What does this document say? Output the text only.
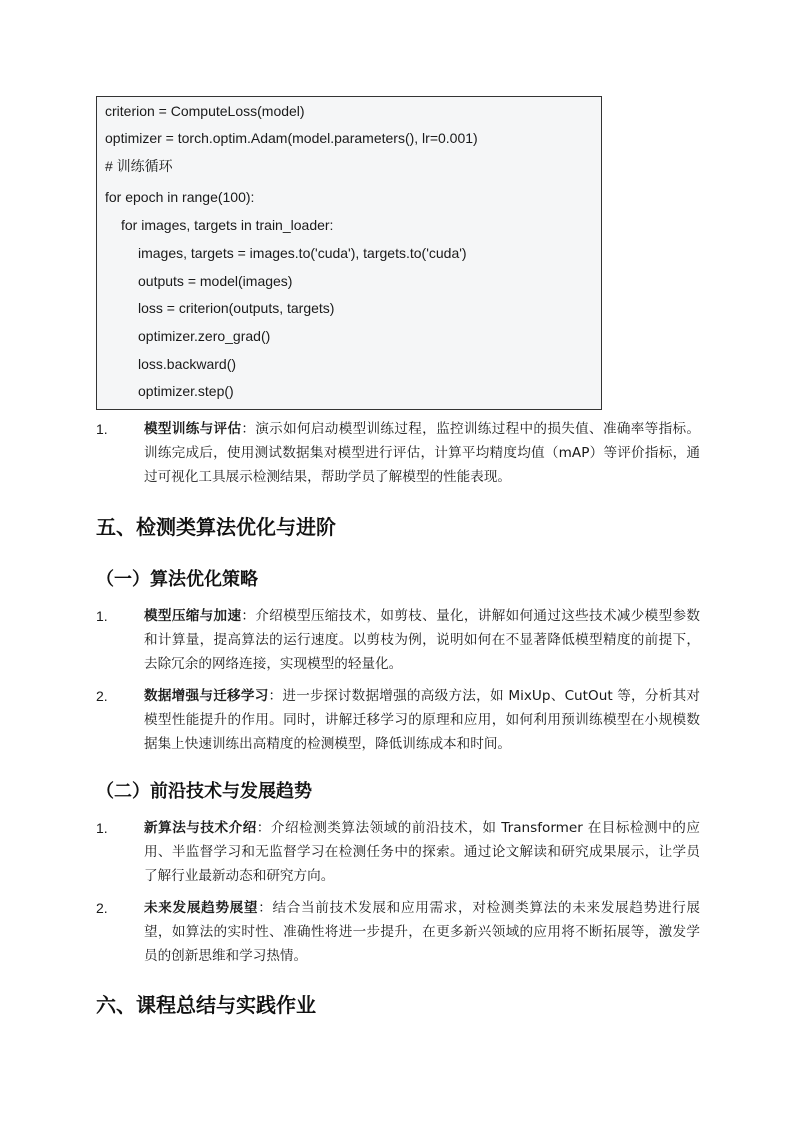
criterion = ComputeLoss(model)
optimizer = torch.optim.Adam(model.parameters(), lr=0.001)
# 训练循环
for epoch in range(100):
for images, targets in train_loader:
images, targets = images.to('cuda'), targets.to('cuda')
outputs = model(images)
loss = criterion(outputs, targets)
optimizer.zero_grad()
loss.backward()
optimizer.step()
1.	模型训练与评估：演示如何启动模型训练过程，监控训练过程中的损失值、准确率等指标。训练完成后，使用测试数据集对模型进行评估，计算平均精度均值（mAP）等评价指标，通过可视化工具展示检测结果，帮助学员了解模型的性能表现。
五、检测类算法优化与进阶
（一）算法优化策略
1.	模型压缩与加速：介绍模型压缩技术，如剪枝、量化，讲解如何通过这些技术减少模型参数和计算量，提高算法的运行速度。以剪枝为例，说明如何在不显著降低模型精度的前提下，去除冗余的网络连接，实现模型的轻量化。
2.	数据增强与迁移学习：进一步探讨数据增强的高级方法，如 MixUp、CutOut 等，分析其对模型性能提升的作用。同时，讲解迁移学习的原理和应用，如何利用预训练模型在小规模数据集上快速训练出高精度的检测模型，降低训练成本和时间。
（二）前沿技术与发展趋势
1.	新算法与技术介绍：介绍检测类算法领域的前沿技术，如 Transformer 在目标检测中的应用、半监督学习和无监督学习在检测任务中的探索。通过论文解读和研究成果展示，让学员了解行业最新动态和研究方向。
2.	未来发展趋势展望：结合当前技术发展和应用需求，对检测类算法的未来发展趋势进行展望，如算法的实时性、准确性将进一步提升，在更多新兴领域的应用将不断拓展等，激发学员的创新思维和学习热情。
六、课程总结与实践作业
